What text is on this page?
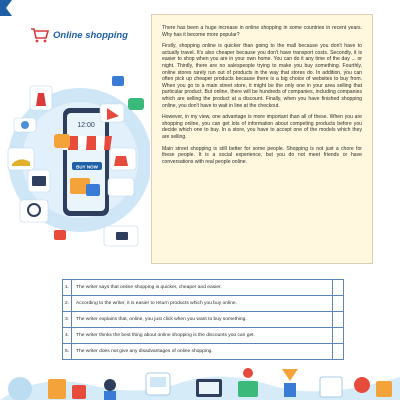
12:00
BUY NOW
Online shopping

There has been a huge increase in online shopping in some countries in recent years. Why has it become more popular?

Firstly, shopping online is quicker than going to the mall because you don't have to actually travel. It's also cheaper because you don't have transport costs. Secondly, it is easier to shop when you are in your own home. You can do it any time of the day ... or night. Thirdly, there are no salespeople trying to make you buy something. Fourthly, online stores rarely run out of products in the way that stores do. In addition, you can often pick up cheaper products because there is a big choice of websites to buy from. When you go to a main street store, it might be the only one in your area selling that particular product. But online, there will be hundreds of companies, including companies which are selling the product at a discount. Finally, when you have finished shopping online, you don't have to wait in line at the checkout.

However, in my view, one advantage is more important than all of these. When you are shopping online, you can get lots of information about competing products before you decide which one to buy. In a store, you have to accept one of the models which they are selling.

Main street shopping is still better for some people. Shopping is not just a chore for these people. It is a social experience, but you do not meet friends or have conversations with real people online.

1.	The writer says that online shopping is quicker, cheaper and easier.	
2.	According to the writer, it is easier to return products which you buy online.	
3.	The writer explains that, online, you just click when you want to buy something.	
4.	The writer thinks the best thing about online shopping is the discounts you can get.	
5.	The writer does not give any disadvantages of online shopping.	
